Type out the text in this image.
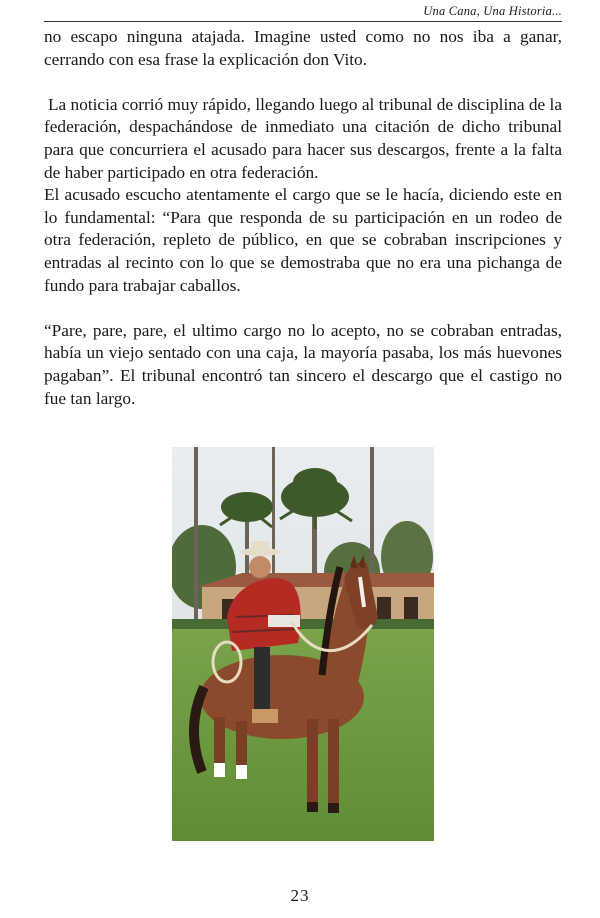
Una Cana, Una Historia...

no escapo ninguna atajada. Imagine usted como no nos iba a ganar, cerrando con esa frase la explicación don Vito.

La noticia corrió muy rápido, llegando luego al tribunal de disciplina de la federación, despachándose de inmediato una citación de dicho tribunal para que concurriera el acusado para hacer sus descargos, frente a la falta de haber participado en otra federación.

El acusado escucho atentamente el cargo que se le hacía, diciendo este en lo fundamental: “Para que responda de su participación en un rodeo de otra federación, repleto de público, en que se cobraban inscripciones y entradas al recinto con lo que se demostraba que no era una pichanga de fundo para trabajar caballos.

“Pare, pare, pare, el ultimo cargo no lo acepto, no se cobraban entradas, había un viejo sentado con una caja, la mayoría pasaba, los más huevones pagaban”. El tribunal encontró tan sincero el descargo que el castigo no fue tan largo.

23
